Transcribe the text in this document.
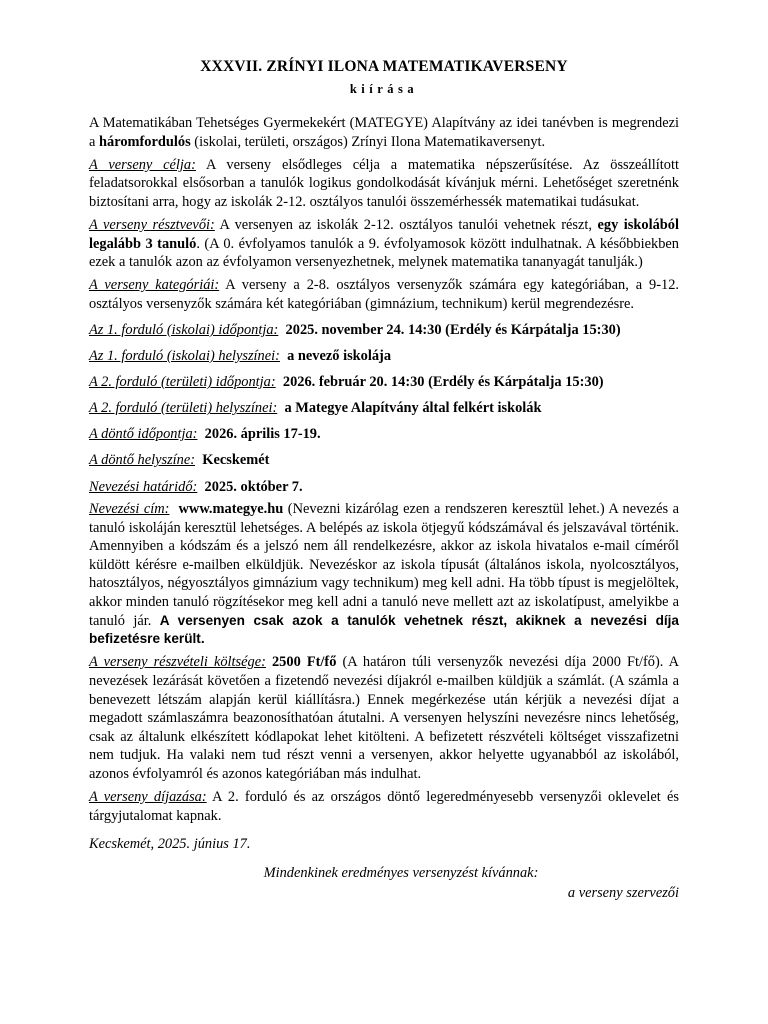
XXXVII. ZRÍNYI ILONA MATEMATIKAVERSENY
kiírása

A Matematikában Tehetséges Gyermekekért (MATEGYE) Alapítvány az idei tanévben is megrendezi a háromfordulós (iskolai, területi, országos) Zrínyi Ilona Matematikaversenyt.

A verseny célja: A verseny elsődleges célja a matematika népszerűsítése. Az összeállított feladatsorokkal elsősorban a tanulók logikus gondolkodását kívánjuk mérni. Lehetőséget szeretnénk biztosítani arra, hogy az iskolák 2-12. osztályos tanulói összemérhessék matematikai tudásukat.

A verseny résztvevői: A versenyen az iskolák 2-12. osztályos tanulói vehetnek részt, egy iskolából legalább 3 tanuló. (A 0. évfolyamos tanulók a 9. évfolyamosok között indulhatnak. A későbbiekben ezek a tanulók azon az évfolyamon versenyezhetnek, melynek matematika tananyagát tanulják.)

A verseny kategóriái: A verseny a 2-8. osztályos versenyzők számára egy kategóriában, a 9-12. osztályos versenyzők számára két kategóriában (gimnázium, technikum) kerül megrendezésre.

Az 1. forduló (iskolai) időpontja: 2025. november 24. 14:30 (Erdély és Kárpátalja 15:30)

Az 1. forduló (iskolai) helyszínei: a nevező iskolája

A 2. forduló (területi) időpontja: 2026. február 20. 14:30 (Erdély és Kárpátalja 15:30)

A 2. forduló (területi) helyszínei: a Mategye Alapítvány által felkért iskolák

A döntő időpontja: 2026. április 17-19.

A döntő helyszíne: Kecskemét

Nevezési határidő: 2025. október 7.

Nevezési cím: www.mategye.hu (Nevezni kizárólag ezen a rendszeren keresztül lehet.) A nevezés a tanuló iskoláján keresztül lehetséges. A belépés az iskola ötjegyű kódszámával és jelszavával történik. Amennyiben a kódszám és a jelszó nem áll rendelkezésre, akkor az iskola hivatalos e-mail címéről küldött kérésre e-mailben elküldjük. Nevezéskor az iskola típusát (általános iskola, nyolcosztályos, hatosztályos, négyosztályos gimnázium vagy technikum) meg kell adni. Ha több típust is megjelöltek, akkor minden tanuló rögzítésekor meg kell adni a tanuló neve mellett azt az iskolatípust, amelyikbe a tanuló jár. A versenyen csak azok a tanulók vehetnek részt, akiknek a nevezési díja befizetésre került.

A verseny részvételi költsége: 2500 Ft/fő (A határon túli versenyzők nevezési díja 2000 Ft/fő). A nevezések lezárását követően a fizetendő nevezési díjakról e-mailben küldjük a számlát. (A számla a benevezett létszám alapján kerül kiállításra.) Ennek megérkezése után kérjük a nevezési díjat a megadott számlaszámra beazonosíthatóan átutalni. A versenyen helyszíni nevezésre nincs lehetőség, csak az általunk elkészített kódlapokat lehet kitölteni. A befizetett részvételi költséget visszafizetni nem tudjuk. Ha valaki nem tud részt venni a versenyen, akkor helyette ugyanabból az iskolából, azonos évfolyamról és azonos kategóriában más indulhat.

A verseny díjazása: A 2. forduló és az országos döntő legeredményesebb versenyzői oklevelet és tárgyjutalomat kapnak.

Kecskemét, 2025. június 17.

Mindenkinek eredményes versenyzést kívánnak:

a verseny szervezői
